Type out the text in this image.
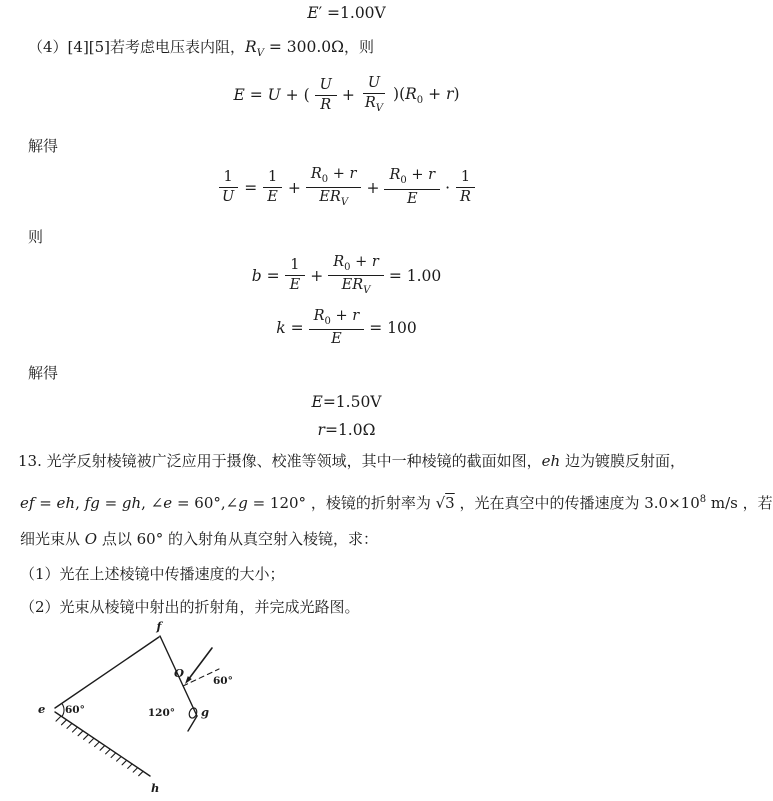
E′ =1.00V
（4）[4][5]若考虑电压表内阻，$R_V = 300.0\Omega$，则
E = U + ( $\frac{U}{R} + \frac{U}{R_V} )(R_0 + r)$
解得
$\frac{1}{U} = \frac{1}{E} + \frac{R_0 + r}{ER_V} + \frac{R_0 + r}{E} \cdot \frac{1}{R}$
则
$b = \frac{1}{E} + \frac{R_0 + r}{ER_V} = 1.00$
$k = \frac{R_0 + r}{E} = 100$
解得
E=1.50V
r=1.0Ω
13. 光学反射棱镜被广泛应用于摄像、校准等领域，其中一种棱镜的截面如图，eh 边为镀膜反射面，
ef = eh, fg = gh, ∠e = 60°,∠g = 120° ，棱镜的折射率为 √3 ，光在真空中的传播速度为 $3.0\times 10^8$ m/s ，若
细光束从 O 点以 60° 的入射角从真空射入棱镜，求：
（1）光在上述棱镜中传播速度的大小；
（2）光束从棱镜中射出的折射角，并完成光路图。
e
f
g
h
O
60°
60°
120°
